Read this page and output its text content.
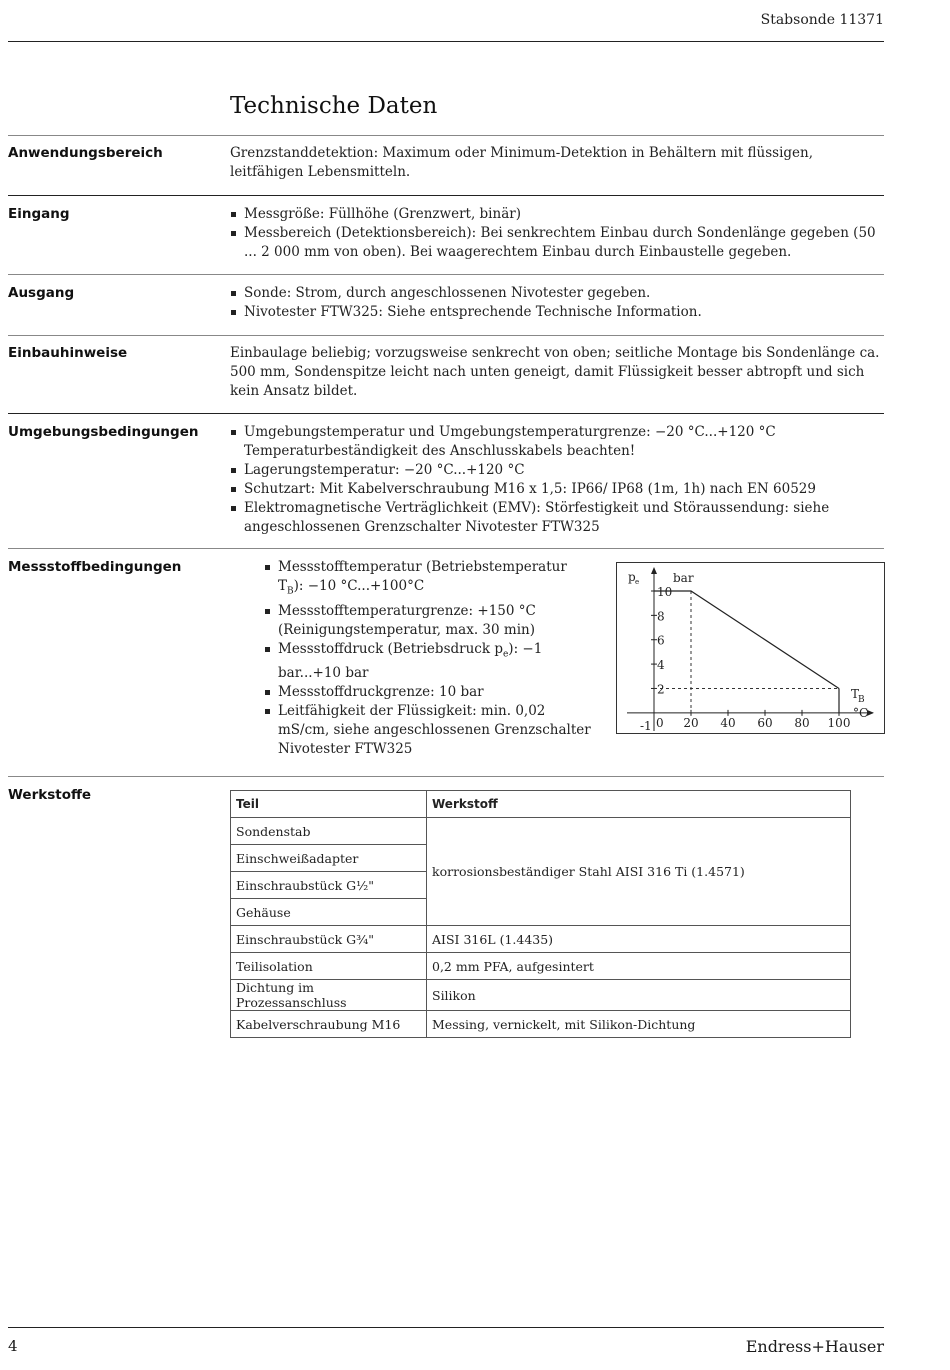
Stabsonde 11371
Technische Daten
Anwendungsbereich	Grenzstanddetektion: Maximum oder Minimum-Detektion in Behältern mit flüssigen, leitfähigen Lebensmitteln.
Eingang	Messgröße: Füllhöhe (Grenzwert, binär)
Messbereich (Detektionsbereich): Bei senkrechtem Einbau durch Sondenlänge gegeben (50 ... 2 000 mm von oben). Bei waagerechtem Einbau durch Einbaustelle gegeben.
Ausgang	Sonde: Strom, durch angeschlossenen Nivotester gegeben.
Nivotester FTW325: Siehe entsprechende Technische Information.
Einbauhinweise	Einbaulage beliebig; vorzugsweise senkrecht von oben; seitliche Montage bis Sondenlänge ca. 500 mm, Sondenspitze leicht nach unten geneigt, damit Flüssigkeit besser abtropft und sich kein Ansatz bildet.
Umgebungsbedingungen	Umgebungstemperatur und Umgebungstemperaturgrenze: −20 °C...+120 °C Temperaturbeständigkeit des Anschlusskabels beachten!
Lagerungstemperatur: −20 °C...+120 °C
Schutzart: Mit Kabelverschraubung M16 x 1,5: IP66/ IP68 (1m, 1h) nach EN 60529
Elektromagnetische Verträglichkeit (EMV): Störfestigkeit und Störaussendung: siehe angeschlossenen Grenzschalter Nivotester FTW325
Messstoffbedingungen	Messstofftemperatur (Betriebstemperatur $T_B$): −10 °C...+100°C
Messstofftemperaturgrenze: +150 °C (Reinigungstemperatur, max. 30 min)
Messstoffdruck (Betriebsdruck $p_e$): −1 bar...+10 bar
Messstoffdruckgrenze: 10 bar
Leitfähigkeit der Flüssigkeit: min. 0,02 mS/cm, siehe angeschlossenen Grenzschalter Nivotester FTW325
-1
2
4
6
8
10
0 20 40 60 80 100
p e	bar
T
B
°C
Werkstoffe
Teil	Werkstoff
Sondenstab	korrosionsbeständiger Stahl AISI 316 Ti (1.4571)
Einschweißadapter	
Einschraubstück G½"	
Gehäuse	
Einschraubstück G¾"	AISI 316L (1.4435)
Teilisolation	0,2 mm PFA, aufgesintert
Dichtung im Prozessanschluss	Silikon
Kabelverschraubung M16	Messing, vernickelt, mit Silikon-Dichtung
4	Endress+Hauser
